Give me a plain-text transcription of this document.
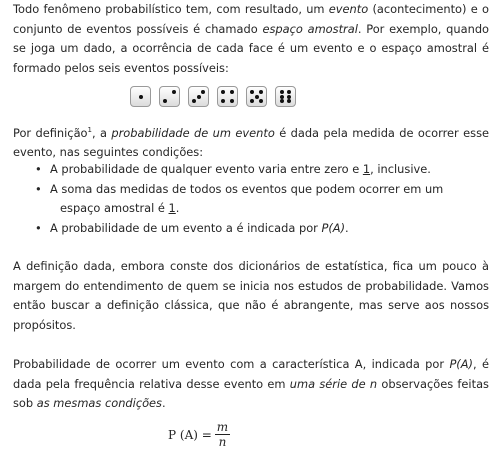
Todo fenômeno probabilístico tem, com resultado, um evento (acontecimento) e o conjunto de eventos possíveis é chamado espaço amostral. Por exemplo, quando se joga um dado, a ocorrência de cada face é um evento e o espaço amostral é formado pelos seis eventos possíveis:

Por definição$^1$, a probabilidade de um evento é dada pela medida de ocorrer esse evento, nas seguintes condições:

• A probabilidade de qualquer evento varia entre zero e 1, inclusive.
• A soma das medidas de todos os eventos que podem ocorrer em um
espaço amostral é 1.
• A probabilidade de um evento a é indicada por P(A).

A definição dada, embora conste dos dicionários de estatística, fica um pouco à margem do entendimento de quem se inicia nos estudos de probabilidade. Vamos então buscar a definição clássica, que não é abrangente, mas serve aos nossos propósitos.

Probabilidade de ocorrer um evento com a característica A, indicada por P(A), é dada pela frequência relativa desse evento em uma série de n observações feitas sob as mesmas condições.

P $(A) = \frac{m}{n}$
